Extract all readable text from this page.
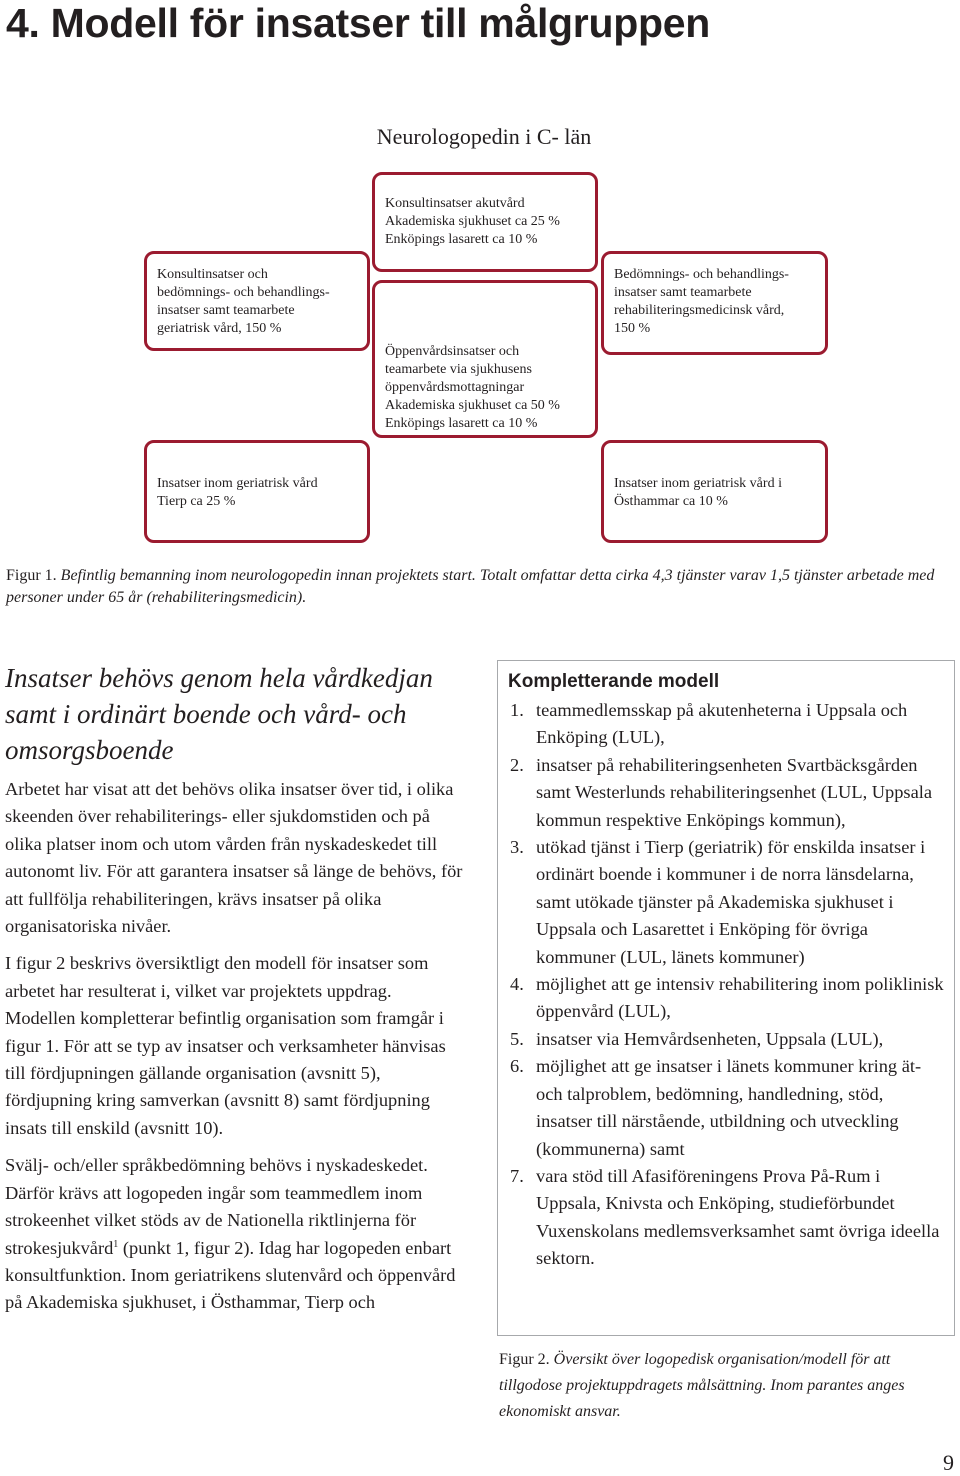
4. Modell för insatser till målgruppen
Neurologopedin i C- län
Konsultinsatser akutvård
Akademiska sjukhuset ca 25 %
Enköpings lasarett ca 10 %
Konsultinsatser och
bedömnings- och behandlings-
insatser samt teamarbete
geriatrisk vård, 150 %
Bedömnings- och behandlings-
insatser samt teamarbete
rehabiliteringsmedicinsk vård,
150 %
Öppenvårdsinsatser och
teamarbete via sjukhusens
öppenvårdsmottagningar
Akademiska sjukhuset ca 50 %
Enköpings lasarett ca 10 %
Insatser inom geriatrisk vård
Tierp ca 25 %
Insatser inom geriatrisk vård i
Östhammar ca 10 %
Figur 1. Befintlig bemanning inom neurologopedin innan projektets start. Totalt omfattar detta cirka 4,3 tjänster varav 1,5 tjänster arbetade med personer under 65 år (rehabiliteringsmedicin).
Insatser behövs genom hela vårdkedjan samt i ordinärt boende och vård- och omsorgsboende

Arbetet har visat att det behövs olika insatser över tid, i olika skeenden över rehabiliterings- eller sjukdomstiden och på olika platser inom och utom vården från nyskadeskedet till autonomt liv. För att garantera insatser så länge de behövs, för att fullfölja rehabiliteringen, krävs insatser på olika organisatoriska nivåer.

I figur 2 beskrivs översiktligt den modell för insatser som arbetet har resulterat i, vilket var projektets uppdrag. Modellen kompletterar befintlig organisation som framgår i figur 1. För att se typ av insatser och verksamheter hänvisas till fördjupningen gällande organisation (avsnitt 5), fördjupning kring samverkan (avsnitt 8) samt fördjupning insats till enskild (avsnitt 10).

Svälj- och/eller språkbedömning behövs i nyskadeskedet. Därför krävs att logopeden ingår som teammedlem inom strokeenhet vilket stöds av de Nationella riktlinjerna för strokesjukvård$^1$ (punkt 1, figur 2). Idag har logopeden enbart konsultfunktion. Inom geriatrikens slutenvård och öppenvård på Akademiska sjukhuset, i Östhammar, Tierp och

Kompletterande modell
1. teammedlemsskap på akutenheterna i Uppsala och Enköping (LUL),
2. insatser på rehabiliteringsenheten Svartbäcksgården samt Westerlunds rehabiliteringsenhet (LUL, Uppsala kommun respektive Enköpings kommun),
3. utökad tjänst i Tierp (geriatrik) för enskilda insatser i ordinärt boende i kommuner i de norra länsdelarna, samt utökade tjänster på Akademiska sjukhuset i Uppsala och Lasarettet i Enköping för övriga kommuner (LUL, länets kommuner)
4. möjlighet att ge intensiv rehabilitering inom poliklinisk öppenvård (LUL),
5. insatser via Hemvårdsenheten, Uppsala (LUL),
6. möjlighet att ge insatser i länets kommuner kring ät- och talproblem, bedömning, handledning, stöd, insatser till närstående, utbildning och utveckling (kommunerna) samt
7. vara stöd till Afasiföreningens Prova På-Rum i Uppsala, Knivsta och Enköping, studieförbundet Vuxenskolans medlemsverksamhet samt övriga ideella sektorn.
Figur 2. Översikt över logopedisk organisation/modell för att tillgodose projektuppdragets målsättning. Inom parantes anges ekonomiskt ansvar.
9
